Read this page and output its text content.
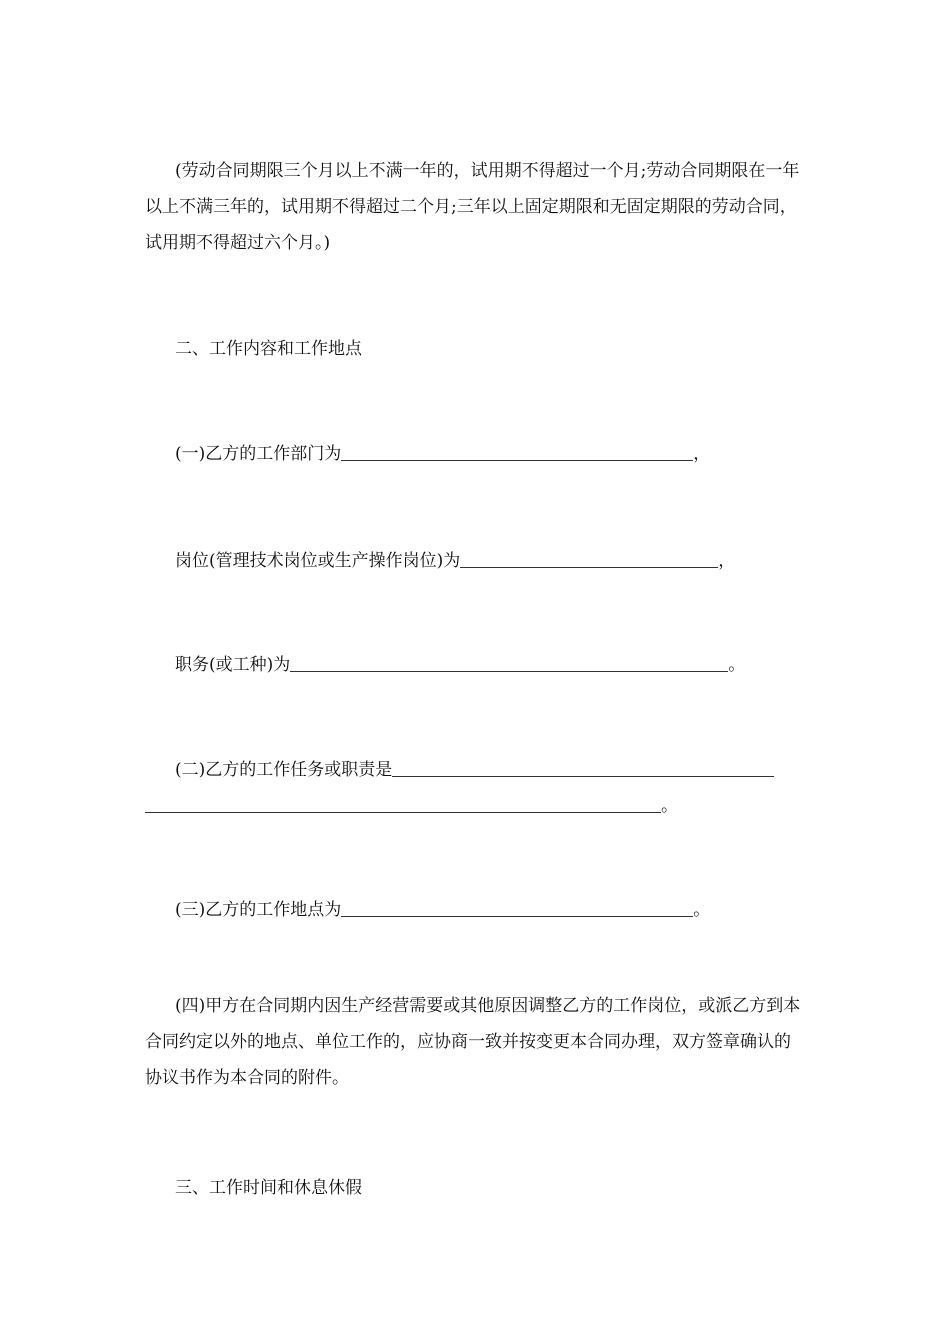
(劳动合同期限三个月以上不满一年的，试用期不得超过一个月;劳动合同期限在一年以上不满三年的，试用期不得超过二个月;三年以上固定期限和无固定期限的劳动合同，试用期不得超过六个月。)

二、工作内容和工作地点
(一)乙方的工作部门为	，
岗位(管理技术岗位或生产操作岗位)为	，
职务(或工种)为	。
(二)乙方的工作任务或职责是
。
(三)乙方的工作地点为	。

(四)甲方在合同期内因生产经营需要或其他原因调整乙方的工作岗位，或派乙方到本合同约定以外的地点、单位工作的，应协商一致并按变更本合同办理，双方签章确认的协议书作为本合同的附件。

三、工作时间和休息休假
